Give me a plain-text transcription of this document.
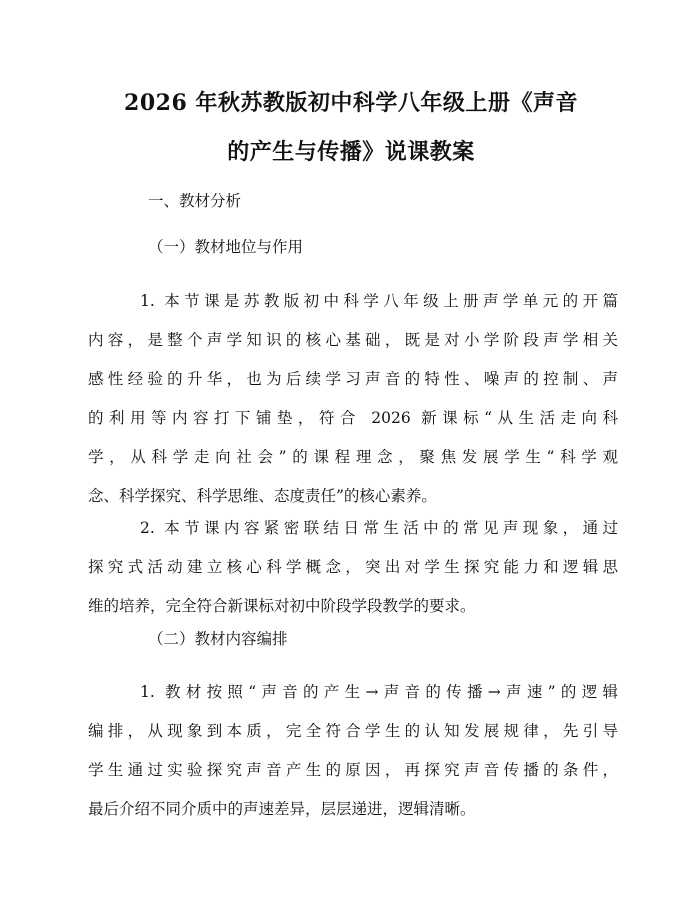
2026 年秋苏教版初中科学八年级上册《声音
的产生与传播》说课教案
一、教材分析
（一）教材地位与作用
1. 本节课是苏教版初中科学八年级上册声学单元的开篇
内容，是整个声学知识的核心基础，既是对小学阶段声学相关
感性经验的升华，也为后续学习声音的特性、噪声的控制、声
的利用等内容打下铺垫，符合 2026 新课标“从生活走向科
学，从科学走向社会”的课程理念，聚焦发展学生“科学观
念、科学探究、科学思维、态度责任”的核心素养。
2. 本节课内容紧密联结日常生活中的常见声现象，通过
探究式活动建立核心科学概念，突出对学生探究能力和逻辑思
维的培养，完全符合新课标对初中阶段学段教学的要求。
（二）教材内容编排
1. 教材按照“声音的产生→声音的传播→声速”的逻辑
编排，从现象到本质，完全符合学生的认知发展规律，先引导
学生通过实验探究声音产生的原因，再探究声音传播的条件，
最后介绍不同介质中的声速差异，层层递进，逻辑清晰。
